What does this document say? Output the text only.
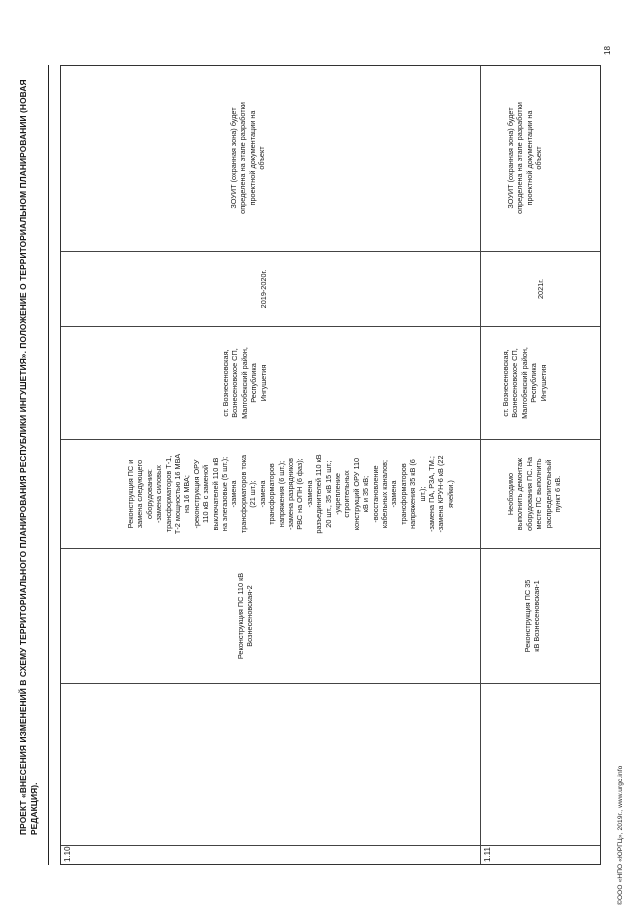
ПРОЕКТ «ВНЕСЕНИЯ ИЗМЕНЕНИЙ В СХЕМУ ТЕРРИТОРИАЛЬНОГО ПЛАНИРОВАНИЯ РЕСПУБЛИКИ ИНГУШЕТИЯ». ПОЛОЖЕНИЕ О ТЕРРИТОРИАЛЬНОМ ПЛАНИРОВАНИИ (НОВАЯ РЕДАКЦИЯ).
1.10
Реконструкция ПС 110 кВ Вознесеновская-2
Реконструкция ПС и
замена следующего
оборудования:
-замена силовых
трансформаторов Т-1,
Т-2 мощностью 16 МВА
на 16 МВА;
-реконструкция ОРУ
110 кВ с заменой
выключателей 110 кВ
на элегазовые (5 шт.);
-замена
трансформаторов тока
(21 шт.);
-замена
трансформаторов
напряжения (6 шт.);
-замена разрядников
РВС на ОПН (6 фаз);
-замена
разъединителей 110 кВ
20 шт., 35 кВ 15 шт.;
-укрепление
строительных
конструкций ОРУ 110
кВ и 35 кВ;
-восстановление
кабельных каналов;
-замена
трансформаторов
напряжения 35 кВ (6
шт.);
-замена ПА, РЗА, ТМ.;
-замена КРУН-6 кВ (22
ячейки.)
ст. Вознесеновская,
Вознесеновское СП,
Малгобекский район,
Республика
Ингушетия
2019-2020г.
ЗОУИТ (охранная зона) будет
определена на этапе разработки
проектной документации на
объект
1.11
Реконструкция ПС 35
кВ Вознесеновская-1
Необходимо
выполнить демонтаж
оборудования ПС. На
месте ПС выполнить
распределительный
пункт 6 кВ.
ст. Вознесеновская,
Вознесеновское СП,
Малгобекский район,
Республика
Ингушетия
2021г.
ЗОУИТ (охранная зона) будет
определена на этапе разработки
проектной документации на
объект
18
©ООО «НПО «ЮРГЦ», 2019г., www.urgc.info
